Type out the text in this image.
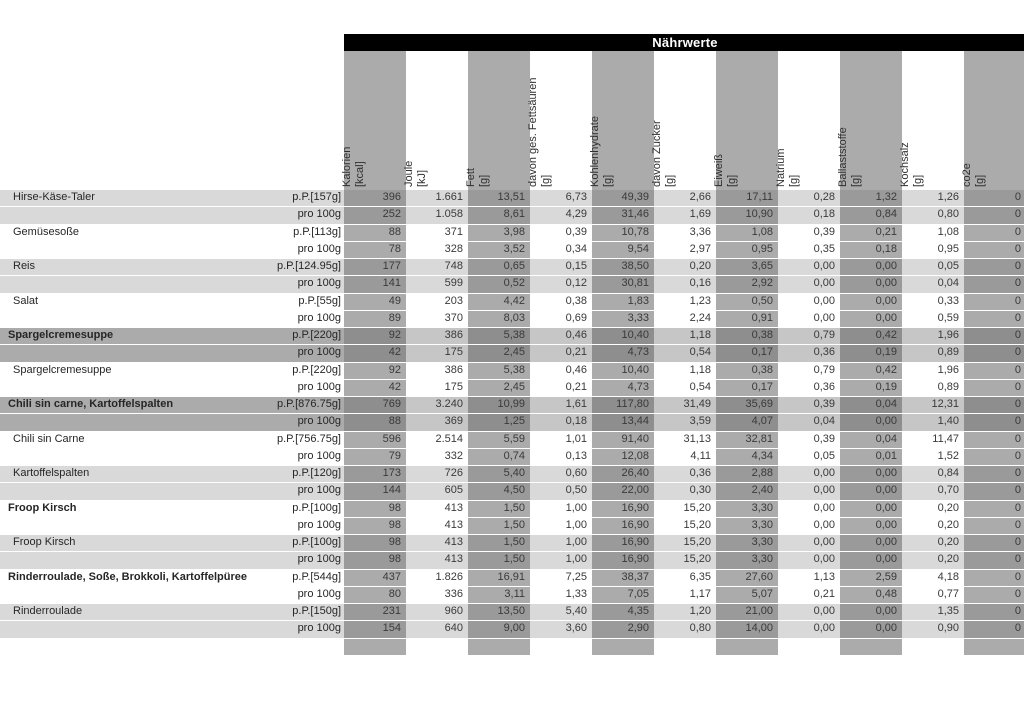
Nährwerte
Kalorien [kcal]	Joule [kJ]	Fett [g]	davon ges. Fettsäuren [g]	Kohlenhydrate [g]	davon Zucker [g]	Eiweiß [g]	Natrium [g]	Ballaststoffe [g]	Kochsalz [g]	co2e [g]
Hirse-Käse-Taler	p.P.[157g]	396	1.661	13,51	6,73	49,39	2,66	17,11	0,28	1,32	1,26	0
pro 100g	252	1.058	8,61	4,29	31,46	1,69	10,90	0,18	0,84	0,80	0
Gemüsesoße	p.P.[113g]	88	371	3,98	0,39	10,78	3,36	1,08	0,39	0,21	1,08	0
pro 100g	78	328	3,52	0,34	9,54	2,97	0,95	0,35	0,18	0,95	0
Reis	p.P.[124.95g]	177	748	0,65	0,15	38,50	0,20	3,65	0,00	0,00	0,05	0
pro 100g	141	599	0,52	0,12	30,81	0,16	2,92	0,00	0,00	0,04	0
Salat	p.P.[55g]	49	203	4,42	0,38	1,83	1,23	0,50	0,00	0,00	0,33	0
pro 100g	89	370	8,03	0,69	3,33	2,24	0,91	0,00	0,00	0,59	0
Spargelcremesuppe	p.P.[220g]	92	386	5,38	0,46	10,40	1,18	0,38	0,79	0,42	1,96	0
pro 100g	42	175	2,45	0,21	4,73	0,54	0,17	0,36	0,19	0,89	0
Spargelcremesuppe	p.P.[220g]	92	386	5,38	0,46	10,40	1,18	0,38	0,79	0,42	1,96	0
pro 100g	42	175	2,45	0,21	4,73	0,54	0,17	0,36	0,19	0,89	0
Chili sin carne, Kartoffelspalten	p.P.[876.75g]	769	3.240	10,99	1,61	117,80	31,49	35,69	0,39	0,04	12,31	0
pro 100g	88	369	1,25	0,18	13,44	3,59	4,07	0,04	0,00	1,40	0
Chili sin Carne	p.P.[756.75g]	596	2.514	5,59	1,01	91,40	31,13	32,81	0,39	0,04	11,47	0
pro 100g	79	332	0,74	0,13	12,08	4,11	4,34	0,05	0,01	1,52	0
Kartoffelspalten	p.P.[120g]	173	726	5,40	0,60	26,40	0,36	2,88	0,00	0,00	0,84	0
pro 100g	144	605	4,50	0,50	22,00	0,30	2,40	0,00	0,00	0,70	0
Froop Kirsch	p.P.[100g]	98	413	1,50	1,00	16,90	15,20	3,30	0,00	0,00	0,20	0
pro 100g	98	413	1,50	1,00	16,90	15,20	3,30	0,00	0,00	0,20	0
Froop Kirsch	p.P.[100g]	98	413	1,50	1,00	16,90	15,20	3,30	0,00	0,00	0,20	0
pro 100g	98	413	1,50	1,00	16,90	15,20	3,30	0,00	0,00	0,20	0
Rinderroulade, Soße, Brokkoli, Kartoffelpüree	p.P.[544g]	437	1.826	16,91	7,25	38,37	6,35	27,60	1,13	2,59	4,18	0
pro 100g	80	336	3,11	1,33	7,05	1,17	5,07	0,21	0,48	0,77	0
Rinderroulade	p.P.[150g]	231	960	13,50	5,40	4,35	1,20	21,00	0,00	0,00	1,35	0
pro 100g	154	640	9,00	3,60	2,90	0,80	14,00	0,00	0,00	0,90	0
